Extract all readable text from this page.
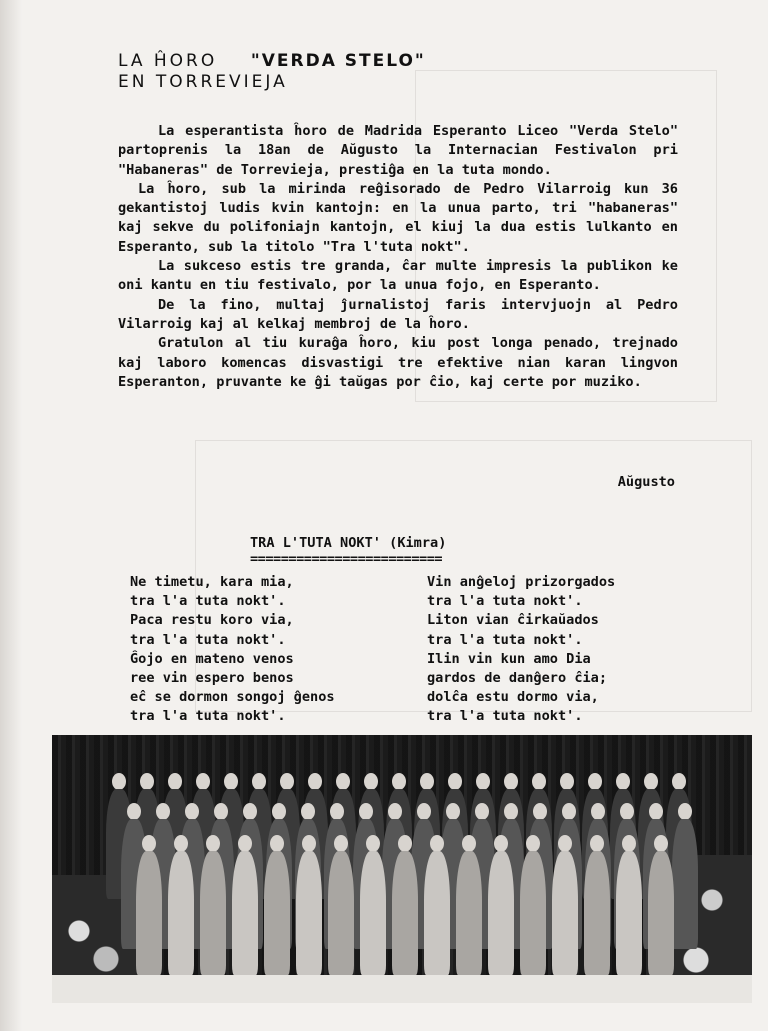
LA ĤORO "VERDA STELO"
EN TORREVIEJA

La esperantista ĥoro de Madrida Esperanto Liceo "Verda Stelo" partoprenis la 18an de Aŭgusto la Internacian Festivalon pri "Habaneras" de Torrevieja, prestiĝa en la tuta mondo.

La ĥoro, sub la mirinda reĝisorado de Pedro Vilarroig kun 36 gekantistoj ludis kvin kantojn: en la unua parto, tri "habaneras" kaj sekve du polifoniajn kantojn, el kiuj la dua estis lulkanto en Esperanto, sub la titolo "Tra l'tuta nokt".

La sukceso estis tre granda, ĉar multe impresis la publikon ke oni kantu en tiu festivalo, por la unua fojo, en Esperanto.

De la fino, multaj ĵurnalistoj faris intervjuojn al Pedro Vilarroig kaj al kelkaj membroj de la ĥoro.

Gratulon al tiu kuraĝa ĥoro, kiu post longa penado, trejnado kaj laboro komencas disvastigi tre efektive nian karan lingvon Esperanton, pruvante ke ĝi taŭgas por ĉio, kaj certe por muziko.

Aŭgusto
TRA L'TUTA NOKT' (Kimra)
=========================
Ne timetu, kara mia,
tra l'a tuta nokt'.
Paca restu koro via,
tra l'a tuta nokt'.
Ĝojo en mateno venos
ree vin espero benos
eĉ se dormon songoj ĝenos
tra l'a tuta nokt'.
Vin anĝeloj prizorgados
tra l'a tuta nokt'.
Liton vian ĉirkaŭados
tra l'a tuta nokt'.
Ilin vin kun amo Dia
gardos de danĝero ĉia;
dolĉa estu dormo via,
tra l'a tuta nokt'.
